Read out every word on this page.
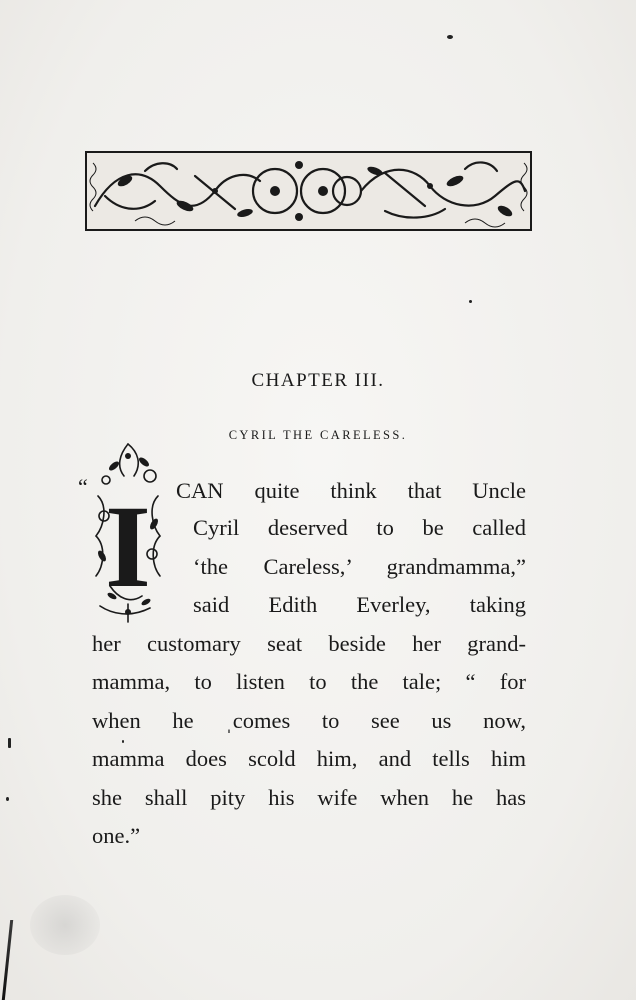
CHAPTER III.
CYRIL THE CARELESS.
“ I CAN quite think that Uncle
Cyril deserved to be called
‘the Careless,’ grandmamma,”
said Edith Everley, taking
her customary seat beside her grand-
mamma, to listen to the tale; “ for
when he ˌcomes to see us now,
mamma does scold him, and tells him
she shall pity his wife when he has
one.”
